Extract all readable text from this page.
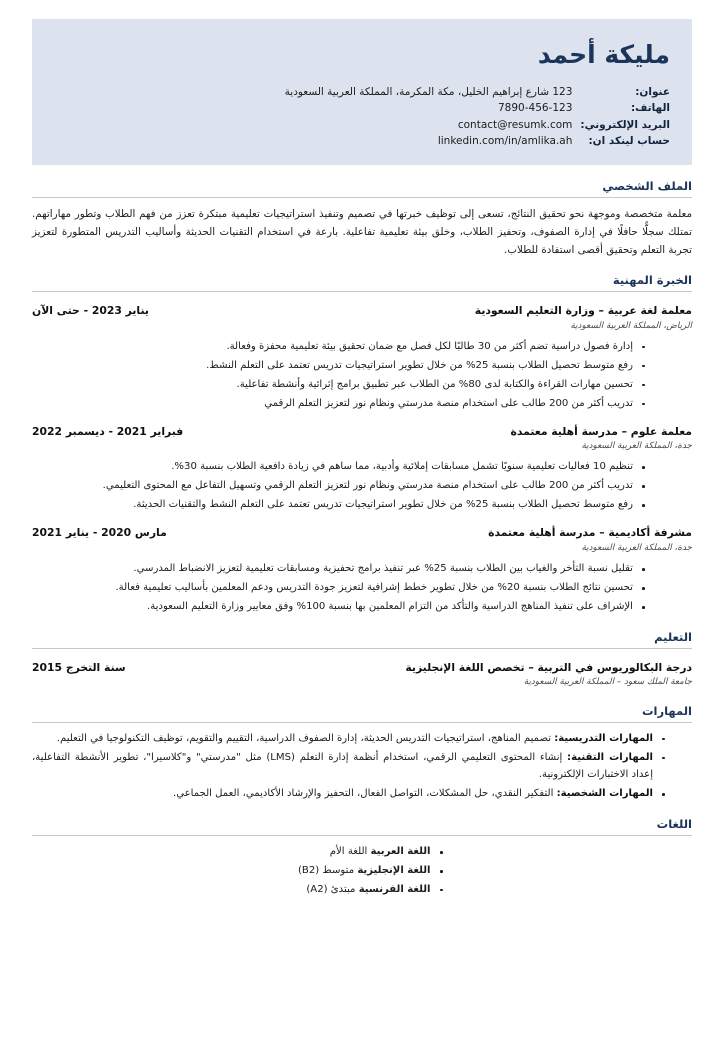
مليكة أحمد
عنوان:	123 شارع إبراهيم الخليل، مكة المكرمة، المملكة العربية السعودية
الهاتف:	7890-456-123
البريد الإلكتروني:	contact@resumk.com
حساب لينكد ان:	linkedin.com/in/amlika.ah
الملف الشخصي

معلمة متخصصة وموجهة نحو تحقيق النتائج، تسعى إلى توظيف خبرتها في تصميم وتنفيذ استراتيجيات تعليمية مبتكرة تعزز من فهم الطلاب وتطور مهاراتهم. تمتلك سجلًّا حافلًا في إدارة الصفوف، وتحفيز الطلاب، وخلق بيئة تعليمية تفاعلية. بارعة في استخدام التقنيات الحديثة وأساليب التدريس المتطورة لتعزيز تجربة التعلم وتحقيق أقصى استفادة للطلاب.

الخبرة المهنية
معلمة لغة عربية – وزارة التعليم السعودية
يناير 2023 - حتى الآن
الرياض، المملكة العربية السعودية
إدارة فصول دراسية تضم أكثر من 30 طالبًا لكل فصل مع ضمان تحقيق بيئة تعليمية محفزة وفعالة.
رفع متوسط تحصيل الطلاب بنسبة 25% من خلال تطوير استراتيجيات تدريس تعتمد على التعلم النشط.
تحسين مهارات القراءة والكتابة لدى 80% من الطلاب عبر تطبيق برامج إثرائية وأنشطة تفاعلية.
تدريب أكثر من 200 طالب على استخدام منصة مدرستي ونظام نور لتعزيز التعلم الرقمي
معلمة علوم – مدرسة أهلية معتمدة
فبراير 2021 - ديسمبر 2022
جدة، المملكة العربية السعودية
تنظيم 10 فعاليات تعليمية سنويًا تشمل مسابقات إملائية وأدبية، مما ساهم في زيادة دافعية الطلاب بنسبة 30%.
تدريب أكثر من 200 طالب على استخدام منصة مدرستي ونظام نور لتعزيز التعلم الرقمي وتسهيل التفاعل مع المحتوى التعليمي.
رفع متوسط تحصيل الطلاب بنسبة 25% من خلال تطوير استراتيجيات تدريس تعتمد على التعلم النشط والتقنيات الحديثة.
مشرفة أكاديمية – مدرسة أهلية معتمدة
مارس 2020 - يناير 2021
جدة، المملكة العربية السعودية
تقليل نسبة التأخر والغياب بين الطلاب بنسبة 25% عبر تنفيذ برامج تحفيزية ومسابقات تعليمية لتعزيز الانضباط المدرسي.
تحسين نتائج الطلاب بنسبة 20% من خلال تطوير خطط إشرافية لتعزيز جودة التدريس ودعم المعلمين بأساليب تعليمية فعالة.
الإشراف على تنفيذ المناهج الدراسية والتأكد من التزام المعلمين بها بنسبة 100% وفق معايير وزارة التعليم السعودية.
التعليم
درجة البكالوريوس في التربية – تخصص اللغة الإنجليزية
سنة التخرج 2015
جامعة الملك سعود – المملكة العربية السعودية
المهارات
المهارات التدريسية: تصميم المناهج، استراتيجيات التدريس الحديثة، إدارة الصفوف الدراسية، التقييم والتقويم، توظيف التكنولوجيا في التعليم.
المهارات التقنية: إنشاء المحتوى التعليمي الرقمي، استخدام أنظمة إدارة التعلم (LMS) مثل "مدرستي" و"كلاسيرا"، تطوير الأنشطة التفاعلية، إعداد الاختبارات الإلكترونية.
المهارات الشخصية: التفكير النقدي، حل المشكلات، التواصل الفعال، التحفيز والإرشاد الأكاديمي، العمل الجماعي.
اللغات
اللغة العربية اللغة الأم
اللغة الإنجليزية متوسط (B2)
اللغة الفرنسية مبتدئ (A2)
